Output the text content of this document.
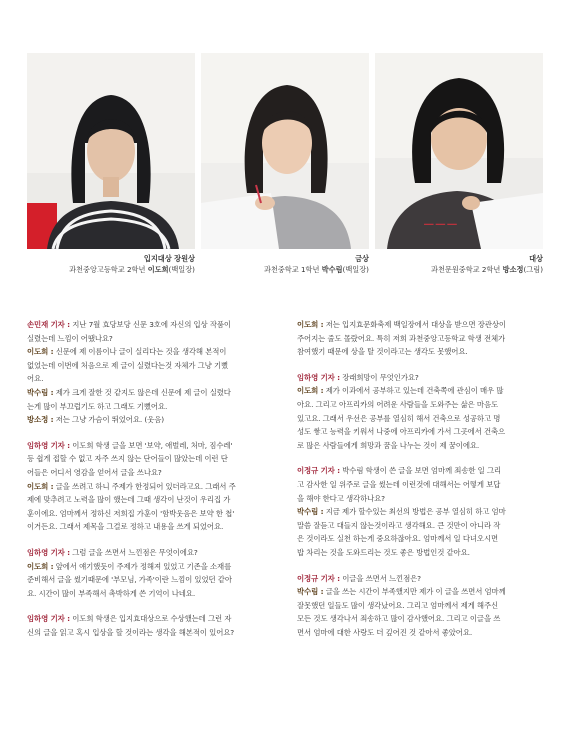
⚊⚊⚊
입지대상 장원상
과천중앙고등학교 2학년 이도희(백일장)
금상
과천중학교 1학년 박수림(백일장)
대상
과천문원중학교 2학년 방소정(그림)
손민재 기자 : 지난 7월 효당보당 신문 3호에 자신의 입상 작품이
실렸는데 느낌이 어땠나요?
이도희 : 신문에 제 이름이나 글이 실리다는 것을 생각해 본적이
없었는데 이번에 처음으로 제 글이 실렸다는것 자체가 그냥 기뻤
어요.
박수림 : 제가 크게 잘한 것 같지도 않은데 신문에 제 글이 실렸다
는게 많이 부끄럽기도 하고 그래도 기뻤어요.
방소정 : 저는 그냥 가슴이 뛰었어요. (웃음)
임하영 기자 : 이도희 학생 글을 보면 '보약, 애벌레, 처마, 짐수레'
등 쉽게 접할 수 없고 자주 쓰지 않는 단어들이 많았는데 이런 단
어들은 어디서 영감을 얻어서 글을 쓰나요?
이도희 : 글을 쓰려고 하니 주제가 한정되어 있더라고요. 그래서 주
제에 맞추려고 노력을 많이 했는데 그때 생각이 난것이 우리집 가
훈이에요. 엄마께서 정하신 저희집 가훈이 '함박웃음은 보약 한 첩'
이거든요. 그래서 제목을 그걸로 정하고 내용을 쓰게 되었어요.
임하영 기자 : 그럼 글을 쓰면서 느낀점은 무엇이에요?
이도희 : 앞에서 얘기했듯이 주제가 정해져 있었고 기존을 소재를
준비해서 글을 썼기때문에 '부모님, 가족'이란 느낌이 있었던 같아
요. 시간이 많이 부족해서 촉박하게 쓴 기억이 나네요.
임하영 기자 : 이도희 학생은 입지효대상으로 수상했는데 그런 자
신의 글을 읽고 혹시 입상을 할 것이라는 생각을 해본적이 있어요?
이도희 : 저는 입지효문화축제 백일장에서 대상을 받으면 장관상이
주어지는 줄도 몰랐어요. 특히 저희 과천중앙고등학교 학생 전체가
참여했기 때문에 상을 탈 것이라고는 생각도 못했어요.
임하영 기자 : 장래희망이 무엇인가요?
이도희 : 제가 이과에서 공부하고 있는데 건축쪽에 관심이 매우 많
아요. 그리고 아프리카의 어려운 사람들을 도와주는 삶은 마음도
있고요. 그래서 우선은 공부를 열심히 해서 건축으로 성공하고 명
성도 쌓고 능력을 키워서 나중에 아프리카에 가서 그곳에서 건축으
로 많은 사람들에게 희망과 꿈을 나누는 것이 제 꿈이에요.
이정규 기자 : 박수림 학생이 쓴 글을 보면 엄마께 죄송한 일 그리
고 감사한 일 위주로 글을 썼는데 이런것에 대해서는 어떻게 보답
을 해야 한다고 생각하나요?
박수림 : 지금 제가 할수있는 최선의 방법은 공부 열심히 하고 엄마
말씀 잘듣고 대들지 않는것이라고 생각해요. 큰 것만이 아니라 작
은 것이라도 실천 하는게 중요하잖아요. 엄마께서 일 다녀오시면
밥 차리는 것을 도와드리는 것도 좋은 방법인것 같아요.
이정규 기자 : 이글을 쓰면서 느낀점은?
박수림 : 글을 쓰는 시간이 부족했지만 제가 이 글을 쓰면서 엄마께
잘못했던 일들도 많이 생각났어요. 그리고 엄마께서 제게 해주신
모든 것도 생각나서 죄송하고 많이 감사했어요. 그리고 이글을 쓰
면서 엄마에 대한 사랑도 더 깊어진 것 같아서 좋았어요.
